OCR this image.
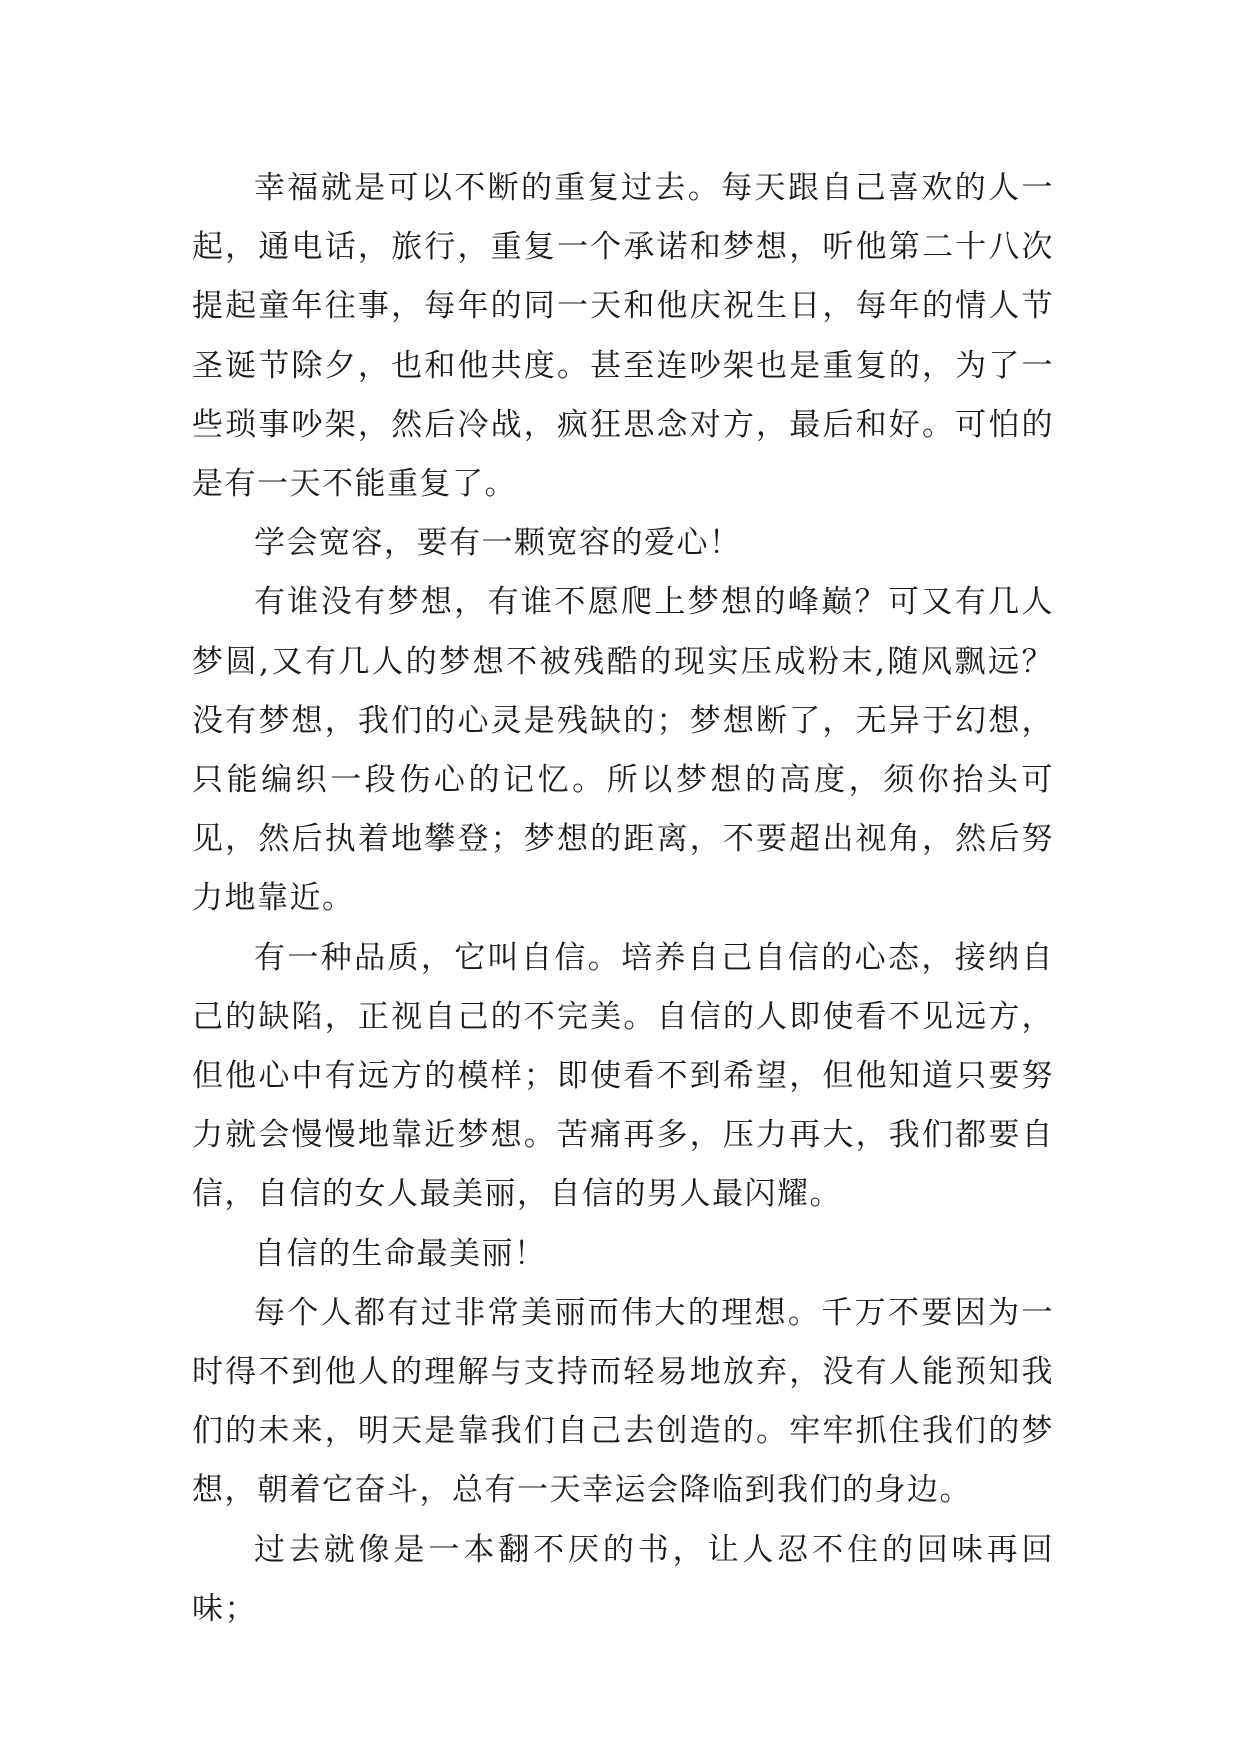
幸福就是可以不断的重复过去。每天跟自己喜欢的人一起，通电话，旅行，重复一个承诺和梦想，听他第二十八次提起童年往事，每年的同一天和他庆祝生日，每年的情人节圣诞节除夕，也和他共度。甚至连吵架也是重复的，为了一些琐事吵架，然后冷战，疯狂思念对方，最后和好。可怕的是有一天不能重复了。

学会宽容，要有一颗宽容的爱心！

有谁没有梦想，有谁不愿爬上梦想的峰巅？可又有几人梦圆,又有几人的梦想不被残酷的现实压成粉末,随风飘远？没有梦想，我们的心灵是残缺的；梦想断了，无异于幻想，只能编织一段伤心的记忆。所以梦想的高度，须你抬头可见，然后执着地攀登；梦想的距离，不要超出视角，然后努力地靠近。

有一种品质，它叫自信。培养自己自信的心态，接纳自己的缺陷，正视自己的不完美。自信的人即使看不见远方，但他心中有远方的模样；即使看不到希望，但他知道只要努力就会慢慢地靠近梦想。苦痛再多，压力再大，我们都要自信，自信的女人最美丽，自信的男人最闪耀。

自信的生命最美丽！

每个人都有过非常美丽而伟大的理想。千万不要因为一时得不到他人的理解与支持而轻易地放弃，没有人能预知我们的未来，明天是靠我们自己去创造的。牢牢抓住我们的梦想，朝着它奋斗，总有一天幸运会降临到我们的身边。

过去就像是一本翻不厌的书，让人忍不住的回味再回味；
